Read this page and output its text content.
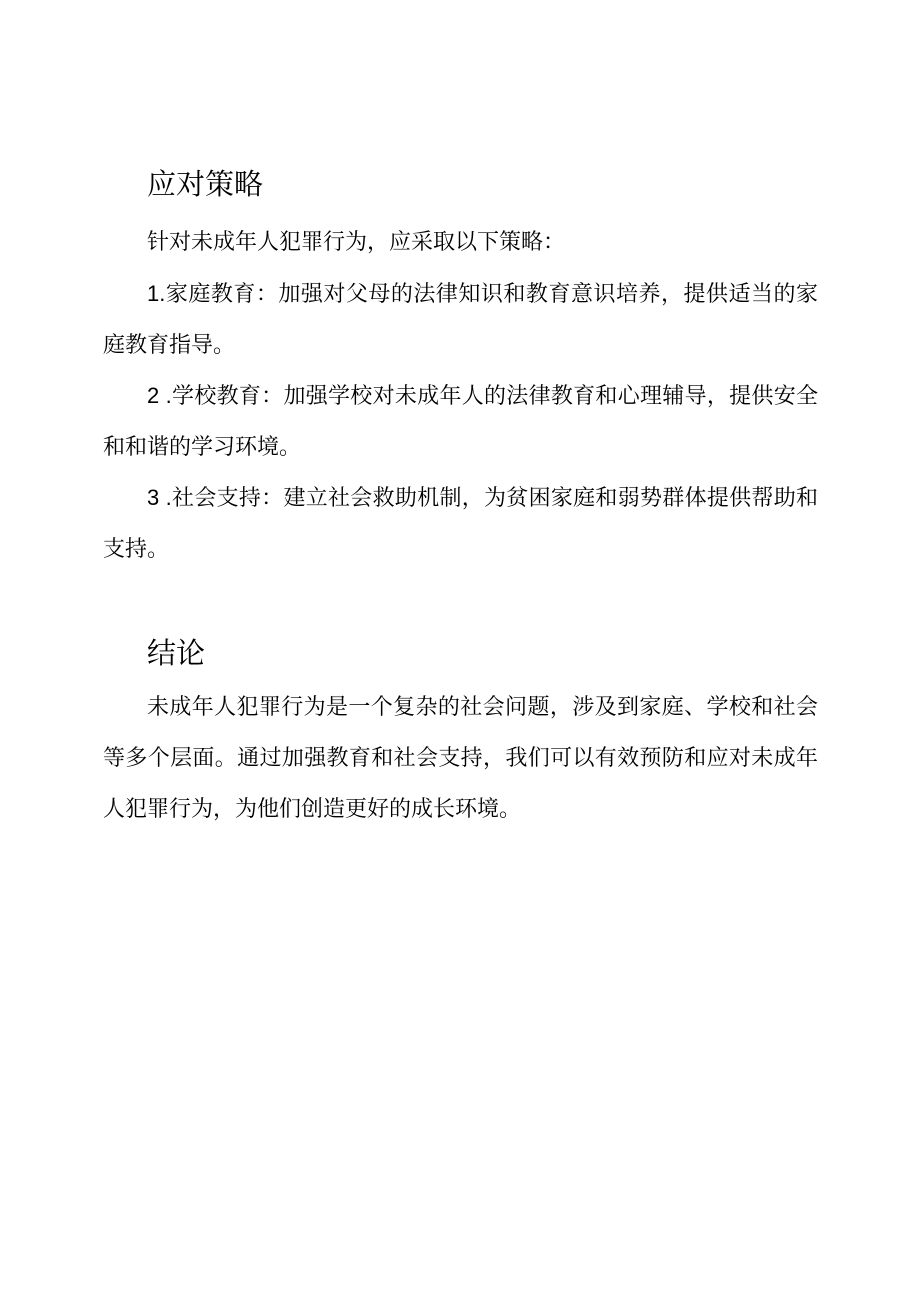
应对策略

针对未成年人犯罪行为，应采取以下策略：

1.家庭教育：加强对父母的法律知识和教育意识培养，提供适当的家庭教育指导。

2 .学校教育：加强学校对未成年人的法律教育和心理辅导，提供安全和和谐的学习环境。

3 .社会支持：建立社会救助机制，为贫困家庭和弱势群体提供帮助和支持。

结论

未成年人犯罪行为是一个复杂的社会问题，涉及到家庭、学校和社会等多个层面。通过加强教育和社会支持，我们可以有效预防和应对未成年人犯罪行为，为他们创造更好的成长环境。
